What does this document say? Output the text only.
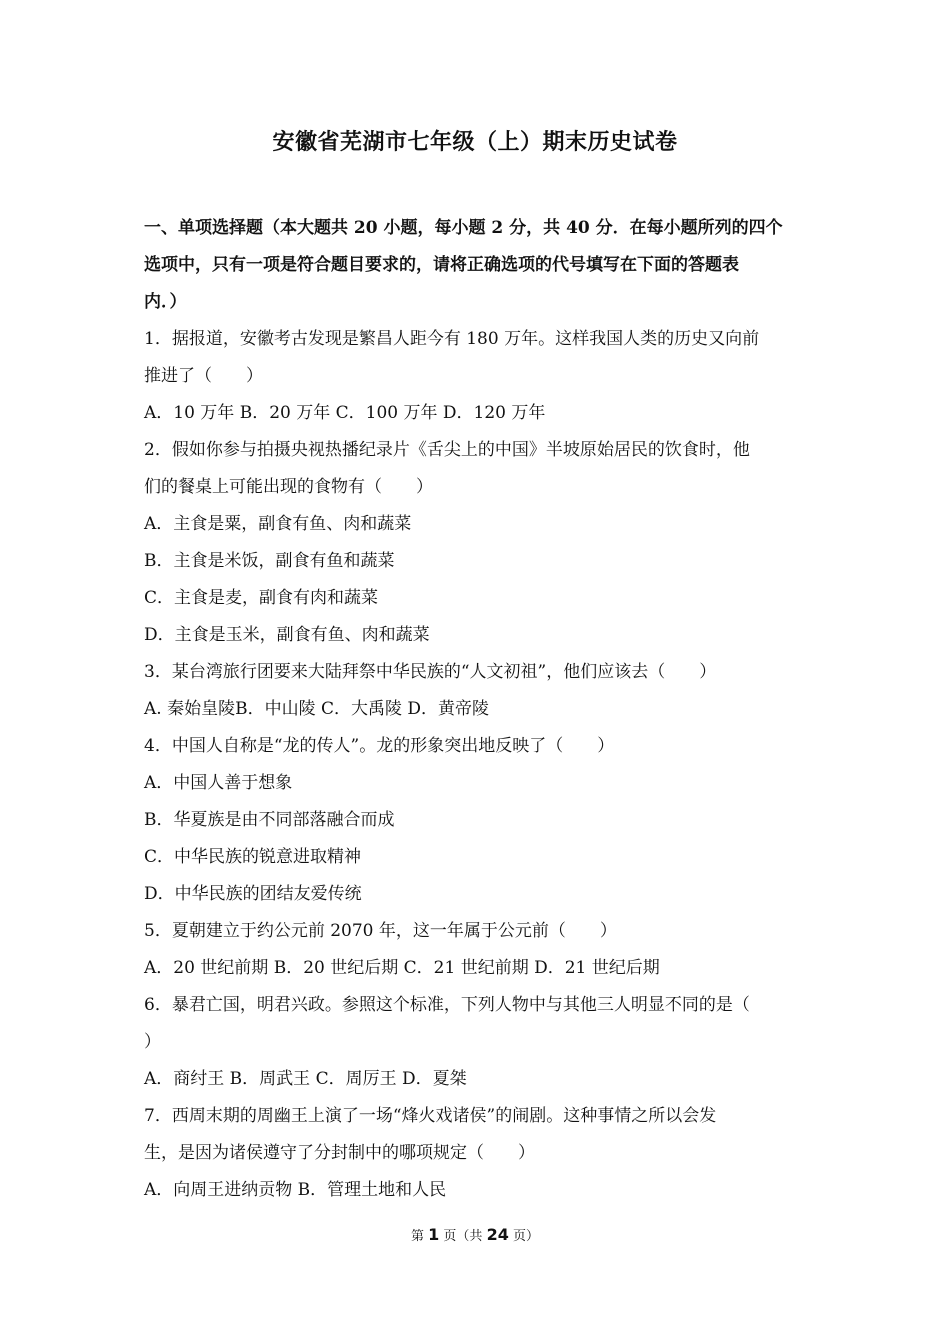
安徽省芜湖市七年级（上）期末历史试卷
一、单项选择题（本大题共 20 小题，每小题 2 分，共 40 分．在每小题所列的四个
选项中，只有一项是符合题目要求的，请将正确选项的代号填写在下面的答题表
内．）
1．据报道，安徽考古发现是繁昌人距今有 180 万年。这样我国人类的历史又向前
推进了（　　）
A．10 万年 B．20 万年 C．100 万年 D．120 万年
2．假如你参与拍摄央视热播纪录片《舌尖上的中国》半坡原始居民的饮食时，他
们的餐桌上可能出现的食物有（　　）
A．主食是粟，副食有鱼、肉和蔬菜
B．主食是米饭，副食有鱼和蔬菜
C．主食是麦，副食有肉和蔬菜
D．主食是玉米，副食有鱼、肉和蔬菜
3．某台湾旅行团要来大陆拜祭中华民族的“人文初祖”，他们应该去（　　）
A. 秦始皇陵B．中山陵 C．大禹陵 D．黄帝陵
4．中国人自称是“龙的传人”。龙的形象突出地反映了（　　）
A．中国人善于想象
B．华夏族是由不同部落融合而成
C．中华民族的锐意进取精神
D．中华民族的团结友爱传统
5．夏朝建立于约公元前 2070 年，这一年属于公元前（　　）
A．20 世纪前期 B．20 世纪后期 C．21 世纪前期 D．21 世纪后期
6．暴君亡国，明君兴政。参照这个标准，下列人物中与其他三人明显不同的是（
）
A．商纣王 B．周武王 C．周厉王 D．夏桀
7．西周末期的周幽王上演了一场“烽火戏诸侯”的闹剧。这种事情之所以会发
生，是因为诸侯遵守了分封制中的哪项规定（　　）
A．向周王进纳贡物 B．管理土地和人民
第 1 页（共 24 页）
